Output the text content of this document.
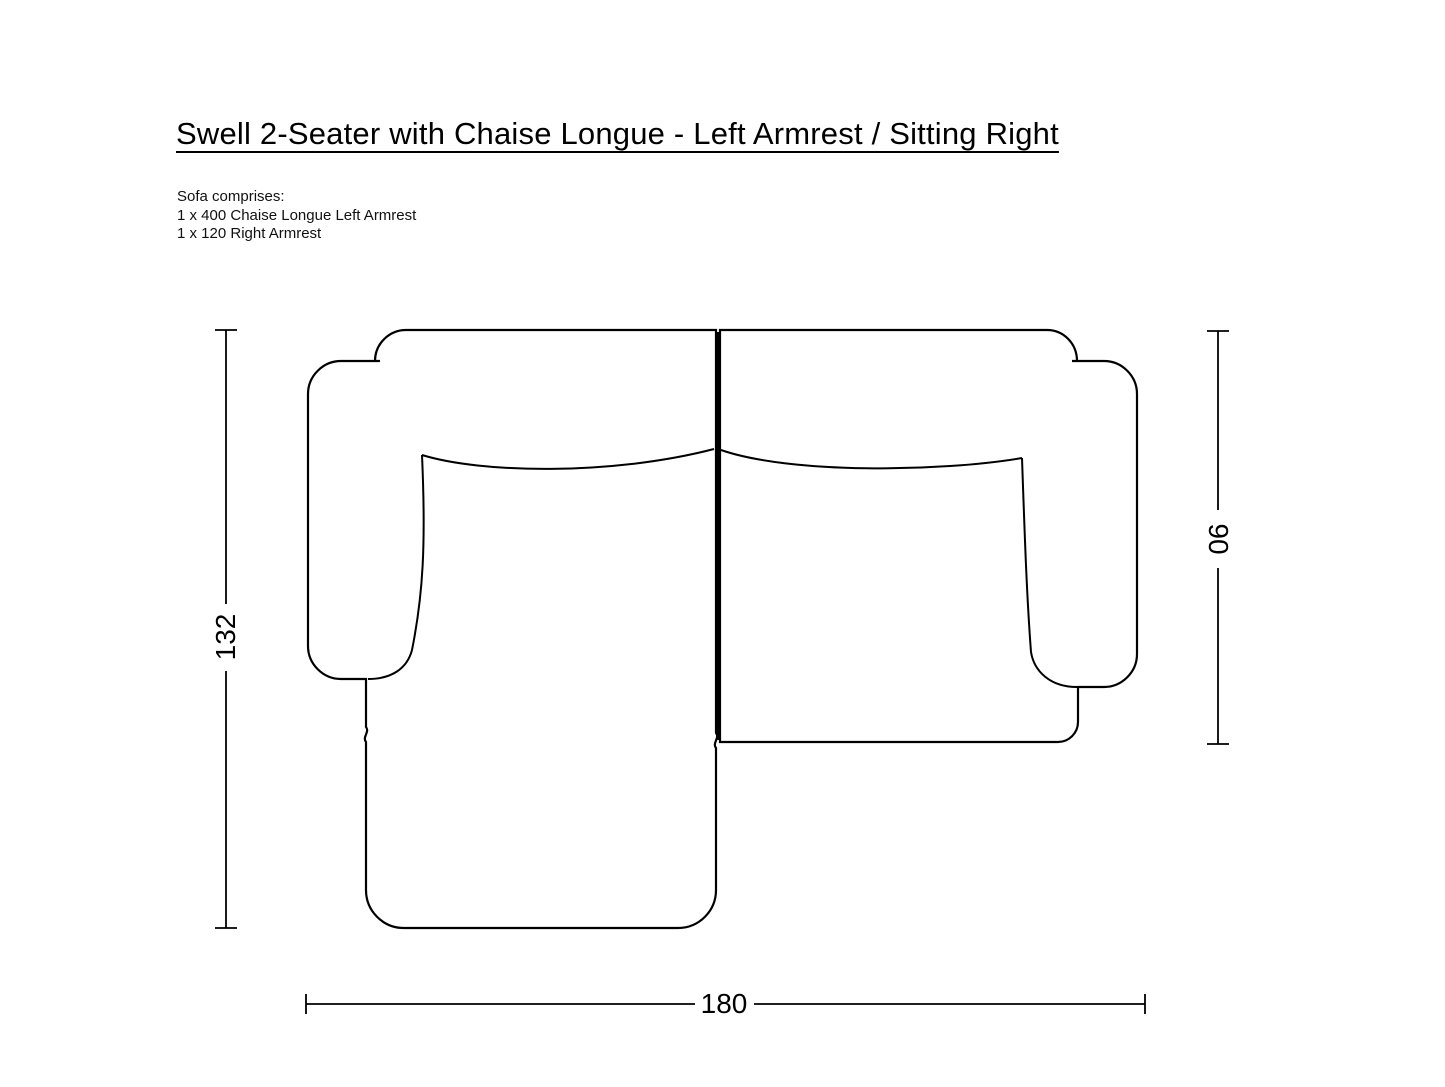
Swell 2-Seater with Chaise Longue - Left Armrest / Sitting Right
Sofa comprises:
1 x 400 Chaise Longue Left Armrest
1 x 120 Right Armrest
132
90
180
